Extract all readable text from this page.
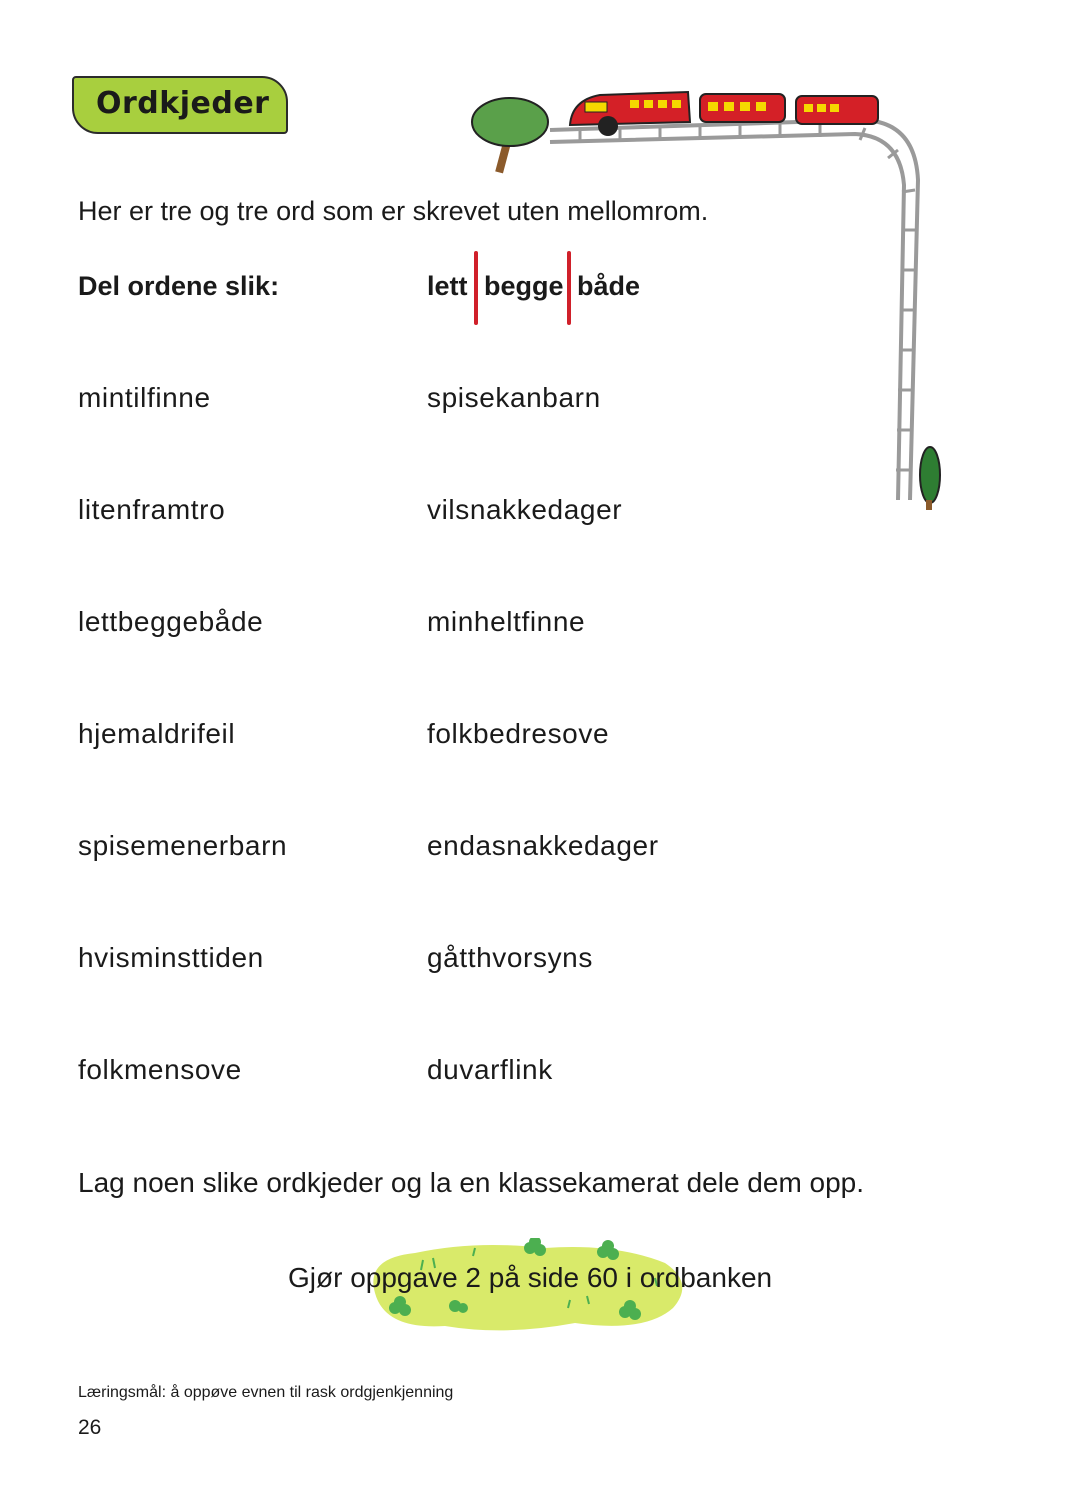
Ordkjeder
Her er tre og tre ord som er skrevet uten mellomrom.
Del ordene slik:	lett begge både
mintilfinne
litenframtro
lettbeggebåde
hjemaldrifeil
spisemenerbarn
hvisminsttiden
folkmensove
spisekanbarn
vilsnakkedager
minheltfinne
folkbedresove
endasnakkedager
gåtthvorsyns
duvarflink
Lag noen slike ordkjeder og la en klassekamerat dele dem opp.
Gjør oppgave 2 på side 60 i ordbanken
Læringsmål: å oppøve evnen til rask ordgjenkjenning
26
